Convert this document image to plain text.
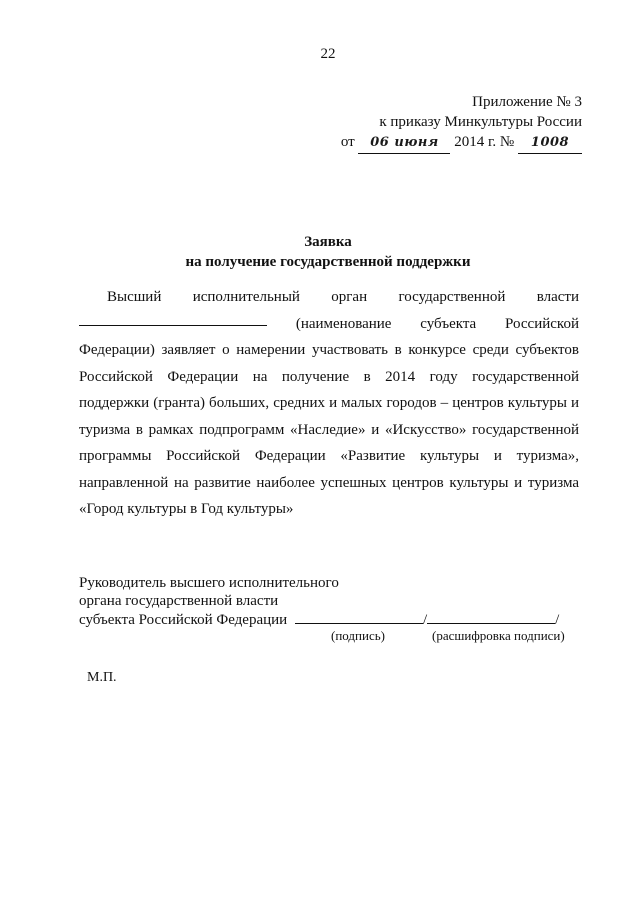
22
Приложение № 3
к приказу Минкультуры России
от 06 июня 2014 г. № 1008
Заявка
на получение государственной поддержки
Высший исполнительный орган государственной власти
(наименование субъекта Российской
Федерации) заявляет о намерении участвовать в конкурсе среди субъектов
Российской Федерации на получение в 2014 году государственной
поддержки (гранта) больших, средних и малых городов – центров культуры и
туризма в рамках подпрограмм «Наследие» и «Искусство» государственной
программы Российской Федерации «Развитие культуры и туризма»,
направленной на развитие наиболее успешных центров культуры и туризма
«Город культуры в Год культуры»
Руководитель высшего исполнительного
органа государственной власти
субъекта Российской Федерации	/	/
(подпись)	(расшифровка подписи)
М.П.
